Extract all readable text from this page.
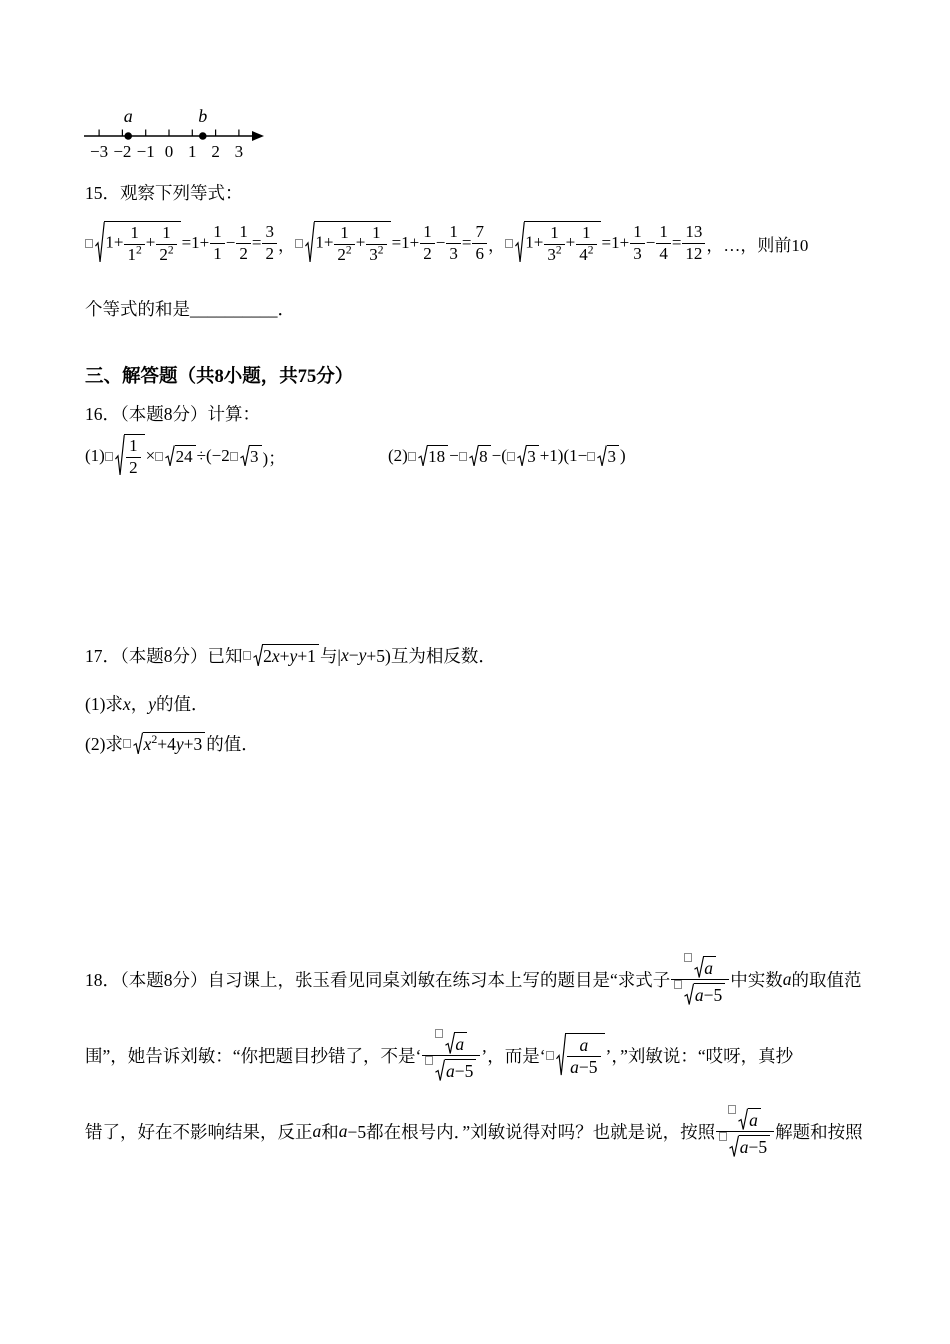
−3 −2 −1 0 1 2 3
a	b
15．观察下列等式：
$1+ \frac{1}{1^2} + \frac{1}{2^2} =1+ \frac{1}{1} - \frac{1}{2} = \frac{3}{2}$ ， $1+ \frac{1}{2^2} + \frac{1}{3^2} =1+ \frac{1}{2} - \frac{1}{3} = \frac{7}{6}$ ， $1+ \frac{1}{3^2} + \frac{1}{4^2} =1+ \frac{1}{3} - \frac{1}{4} = \frac{13}{12}$ ，…，则前10
个等式的和是__________．
三、解答题（共8小题，共75分）
16．（本题8分）计算：
$(1) \frac{1}{2} \times 24 \div(-2$ 3 )；	(2) 18 − 8 −( 3 +1)(1− 3 )
17．（本题8分）已知 2x+y+1 与| x − y +5)互为相反数．
(1)求x，y的值．
(2)求 $x^2+4y+3$ 的值．
18．（本题8分）自习课上，张玉看见同桌刘敏在练习本上写的题目是“求式子 $\frac{a}{a-5}$ 中实数 a 的取值范
围”，她告诉刘敏：“你把题目抄错了，不是‘ $\frac{a}{a-5}$ ’，而是‘ $\frac{a}{a-5}$ ’，”刘敏说：“哎呀，真抄
错了，好在不影响结果，反正 a 和 a −5都在根号内．”刘敏说得对吗？也就是说，按照 $\frac{a}{a-5}$ 解题和按照
